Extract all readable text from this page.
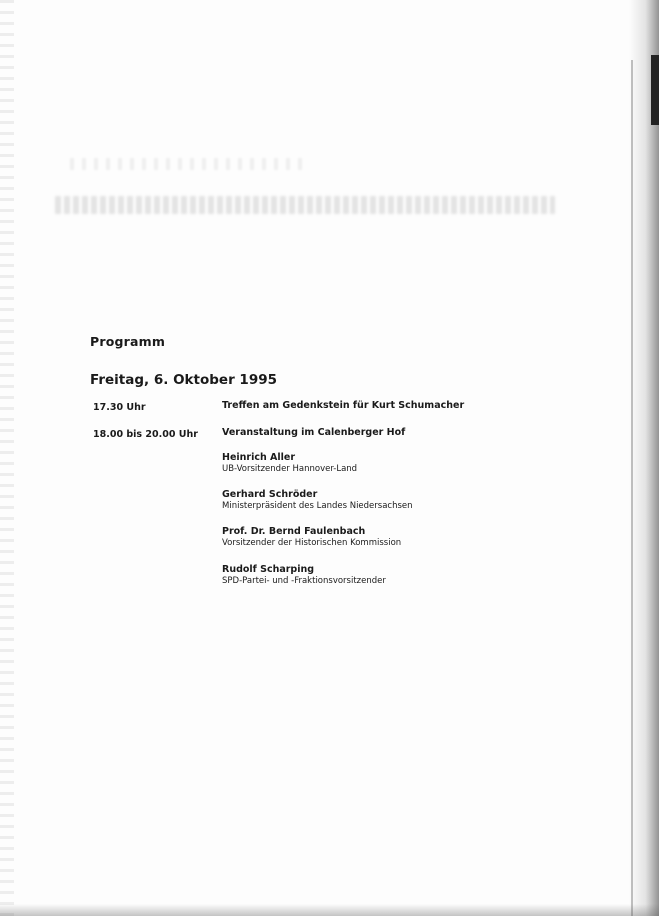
Programm
Freitag, 6. Oktober 1995
17.30 Uhr	Treffen am Gedenkstein für Kurt Schumacher
18.00 bis 20.00 Uhr	Veranstaltung im Calenberger Hof
Heinrich Aller
UB-Vorsitzender Hannover-Land
Gerhard Schröder
Ministerpräsident des Landes Niedersachsen
Prof. Dr. Bernd Faulenbach
Vorsitzender der Historischen Kommission
Rudolf Scharping
SPD-Partei- und -Fraktionsvorsitzender
